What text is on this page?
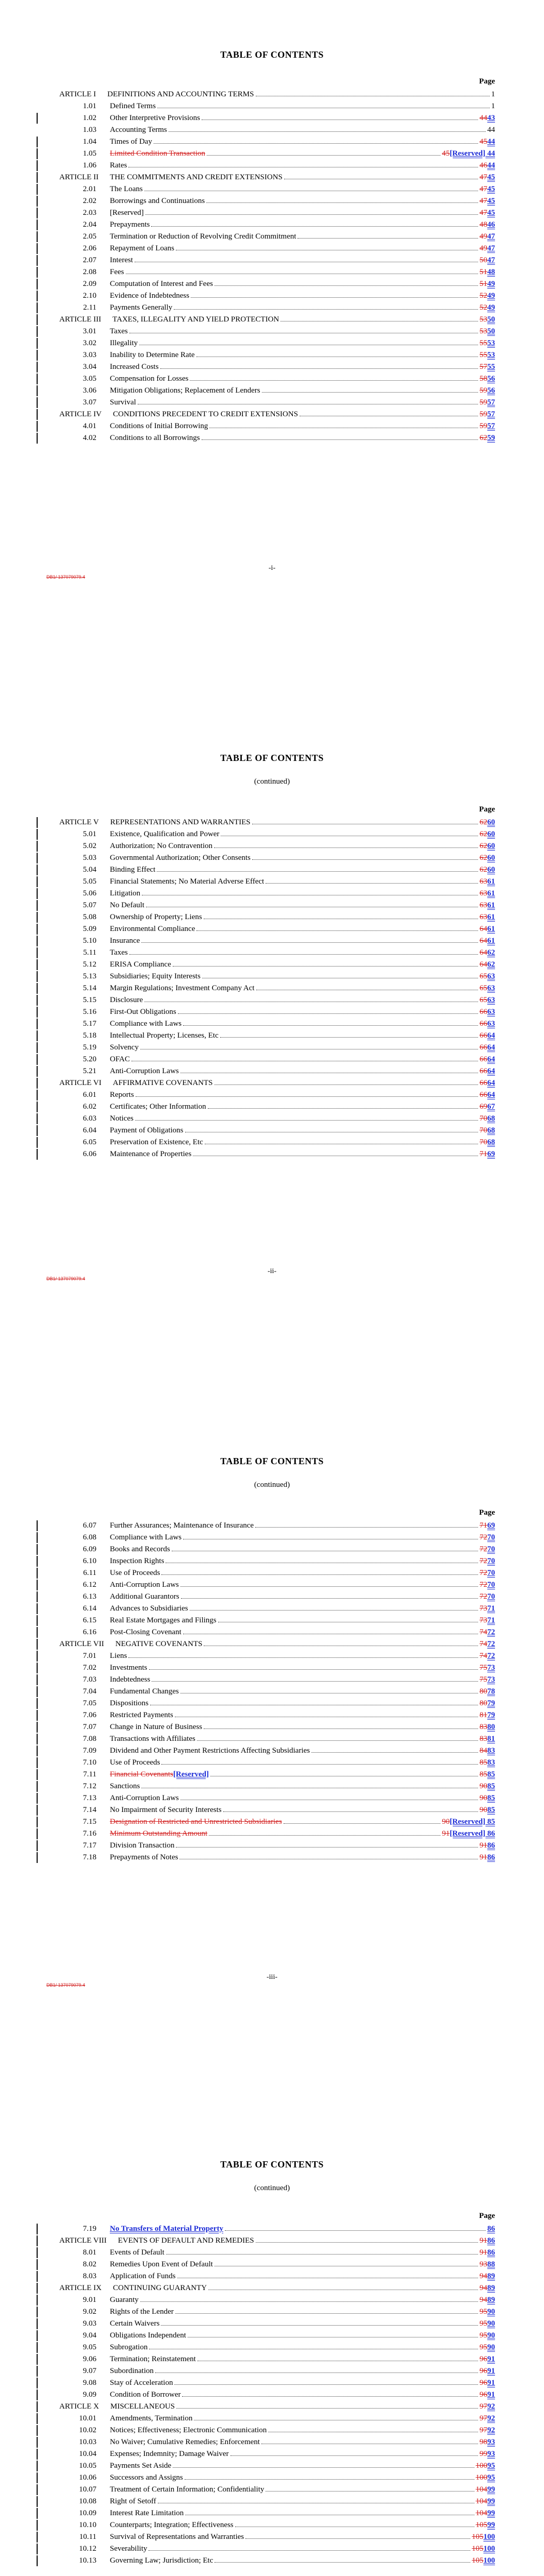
TABLE OF CONTENTS
Page
ARTICLE I	DEFINITIONS AND ACCOUNTING TERMS	1
1.01	Defined Terms	1
1.02	Other Interpretive Provisions	4443
1.03	Accounting Terms	44
1.04	Times of Day	4544
1.05	Limited Condition Transaction	45[Reserved] 44
1.06	Rates	4644
ARTICLE II	THE COMMITMENTS AND CREDIT EXTENSIONS	4745
2.01	The Loans	4745
2.02	Borrowings and Continuations	4745
2.03	[Reserved]	4745
2.04	Prepayments	4846
2.05	Termination or Reduction of Revolving Credit Commitment	4947
2.06	Repayment of Loans	4947
2.07	Interest	5047
2.08	Fees	5148
2.09	Computation of Interest and Fees	5149
2.10	Evidence of Indebtedness	5249
2.11	Payments Generally	5249
ARTICLE III	TAXES, ILLEGALITY AND YIELD PROTECTION	5350
3.01	Taxes	5350
3.02	Illegality	5553
3.03	Inability to Determine Rate	5553
3.04	Increased Costs	5755
3.05	Compensation for Losses	5856
3.06	Mitigation Obligations; Replacement of Lenders	5956
3.07	Survival	5957
ARTICLE IV	CONDITIONS PRECEDENT TO CREDIT EXTENSIONS	5957
4.01	Conditions of Initial Borrowing	5957
4.02	Conditions to all Borrowings	6259
-i-
DB1/ 137079079.4
TABLE OF CONTENTS
(continued)
Page
ARTICLE V	REPRESENTATIONS AND WARRANTIES	6260
5.01	Existence, Qualification and Power	6260
5.02	Authorization; No Contravention	6260
5.03	Governmental Authorization; Other Consents	6260
5.04	Binding Effect	6260
5.05	Financial Statements; No Material Adverse Effect	6361
5.06	Litigation	6361
5.07	No Default	6361
5.08	Ownership of Property; Liens	6361
5.09	Environmental Compliance	6461
5.10	Insurance	6461
5.11	Taxes	6462
5.12	ERISA Compliance	6462
5.13	Subsidiaries; Equity Interests	6563
5.14	Margin Regulations; Investment Company Act	6563
5.15	Disclosure	6563
5.16	First-Out Obligations	6663
5.17	Compliance with Laws	6663
5.18	Intellectual Property; Licenses, Etc	6664
5.19	Solvency	6664
5.20	OFAC	6664
5.21	Anti-Corruption Laws	6664
ARTICLE VI	AFFIRMATIVE COVENANTS	6664
6.01	Reports	6664
6.02	Certificates; Other Information	6967
6.03	Notices	7068
6.04	Payment of Obligations	7068
6.05	Preservation of Existence, Etc	7068
6.06	Maintenance of Properties	7169
-ii-
DB1/ 137079079.4
TABLE OF CONTENTS
(continued)
Page
6.07	Further Assurances; Maintenance of Insurance	7169
6.08	Compliance with Laws	7270
6.09	Books and Records	7270
6.10	Inspection Rights	7270
6.11	Use of Proceeds	7270
6.12	Anti-Corruption Laws	7270
6.13	Additional Guarantors	7270
6.14	Advances to Subsidiaries	7371
6.15	Real Estate Mortgages and Filings	7371
6.16	Post-Closing Covenant	7472
ARTICLE VII	NEGATIVE COVENANTS	7472
7.01	Liens	7472
7.02	Investments	7573
7.03	Indebtedness	7573
7.04	Fundamental Changes	8078
7.05	Dispositions	8079
7.06	Restricted Payments	8179
7.07	Change in Nature of Business	8380
7.08	Transactions with Affiliates	8381
7.09	Dividend and Other Payment Restrictions Affecting Subsidiaries	8483
7.10	Use of Proceeds	8583
7.11	Financial Covenants [Reserved]	8585
7.12	Sanctions	9085
7.13	Anti-Corruption Laws	9085
7.14	No Impairment of Security Interests	9085
7.15	Designation of Restricted and Unrestricted Subsidiaries	90[Reserved] 85
7.16	Minimum Outstanding Amount	91[Reserved] 86
7.17	Division Transaction	9186
7.18	Prepayments of Notes	9186
-iii-
DB1/ 137079079.4
TABLE OF CONTENTS
(continued)
Page
7.19	No Transfers of Material Property	86
ARTICLE VIII	EVENTS OF DEFAULT AND REMEDIES	9186
8.01	Events of Default	9186
8.02	Remedies Upon Event of Default	9388
8.03	Application of Funds	9489
ARTICLE IX	CONTINUING GUARANTY	9489
9.01	Guaranty	9489
9.02	Rights of the Lender	9590
9.03	Certain Waivers	9590
9.04	Obligations Independent	9590
9.05	Subrogation	9590
9.06	Termination; Reinstatement	9691
9.07	Subordination	9691
9.08	Stay of Acceleration	9691
9.09	Condition of Borrower	9691
ARTICLE X	MISCELLANEOUS	9792
10.01	Amendments, Termination	9792
10.02	Notices; Effectiveness; Electronic Communication	9792
10.03	No Waiver; Cumulative Remedies; Enforcement	9893
10.04	Expenses; Indemnity; Damage Waiver	9993
10.05	Payments Set Aside	10095
10.06	Successors and Assigns	10095
10.07	Treatment of Certain Information; Confidentiality	10499
10.08	Right of Setoff	10499
10.09	Interest Rate Limitation	10499
10.10	Counterparts; Integration; Effectiveness	10599
10.11	Survival of Representations and Warranties	105100
10.12	Severability	105100
10.13	Governing Law; Jurisdiction; Etc	105100
